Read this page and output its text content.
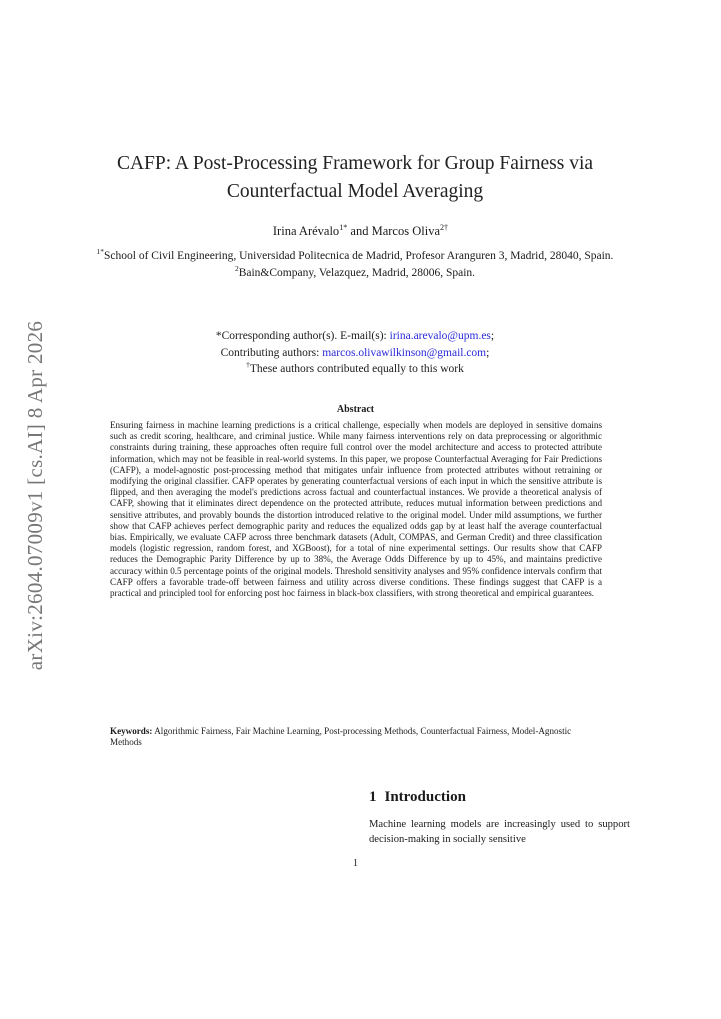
arXiv:2604.07009v1 [cs.AI] 8 Apr 2026
CAFP: A Post-Processing Framework for Group Fairness via Counterfactual Model Averaging
Irina Arévalo$^{1*}$ and Marcos Oliva$^{2\dagger}$

$^{1*}$School of Civil Engineering, Universidad Politecnica de Madrid, Profesor Aranguren 3, Madrid, 28040, Spain.

$^2$Bain&Company, Velazquez, Madrid, 28006, Spain.

*Corresponding author(s). E-mail(s): irina.arevalo@upm.es;

Contributing authors: marcos.olivawilkinson@gmail.com;

†These authors contributed equally to this work

Abstract

Ensuring fairness in machine learning predictions is a critical challenge, especially when models are deployed in sensitive domains such as credit scoring, healthcare, and criminal justice. While many fairness interventions rely on data preprocessing or algorithmic constraints during training, these approaches often require full control over the model architecture and access to protected attribute information, which may not be feasible in real-world systems. In this paper, we propose Counterfactual Averaging for Fair Predictions (CAFP), a model-agnostic post-processing method that mitigates unfair influence from protected attributes without retraining or modifying the original classifier. CAFP operates by generating counterfactual versions of each input in which the sensitive attribute is flipped, and then averaging the model's predictions across factual and counterfactual instances. We provide a theoretical analysis of CAFP, showing that it eliminates direct dependence on the protected attribute, reduces mutual information between predictions and sensitive attributes, and provably bounds the distortion introduced relative to the original model. Under mild assumptions, we further show that CAFP achieves perfect demographic parity and reduces the equalized odds gap by at least half the average counterfactual bias. Empirically, we evaluate CAFP across three benchmark datasets (Adult, COMPAS, and German Credit) and three classification models (logistic regression, random forest, and XGBoost), for a total of nine experimental settings. Our results show that CAFP reduces the Demographic Parity Difference by up to 38%, the Average Odds Difference by up to 45%, and maintains predictive accuracy within 0.5 percentage points of the original models. Threshold sensitivity analyses and 95% confidence intervals confirm that CAFP offers a favorable trade-off between fairness and utility across diverse conditions. These findings suggest that CAFP is a practical and principled tool for enforcing post hoc fairness in black-box classifiers, with strong theoretical and empirical guarantees.

Keywords: Algorithmic Fairness, Fair Machine Learning, Post-processing Methods, Counterfactual Fairness, Model-Agnostic Methods

1 Introduction

Machine learning models are increasingly used to support decision-making in socially sensitive

1
